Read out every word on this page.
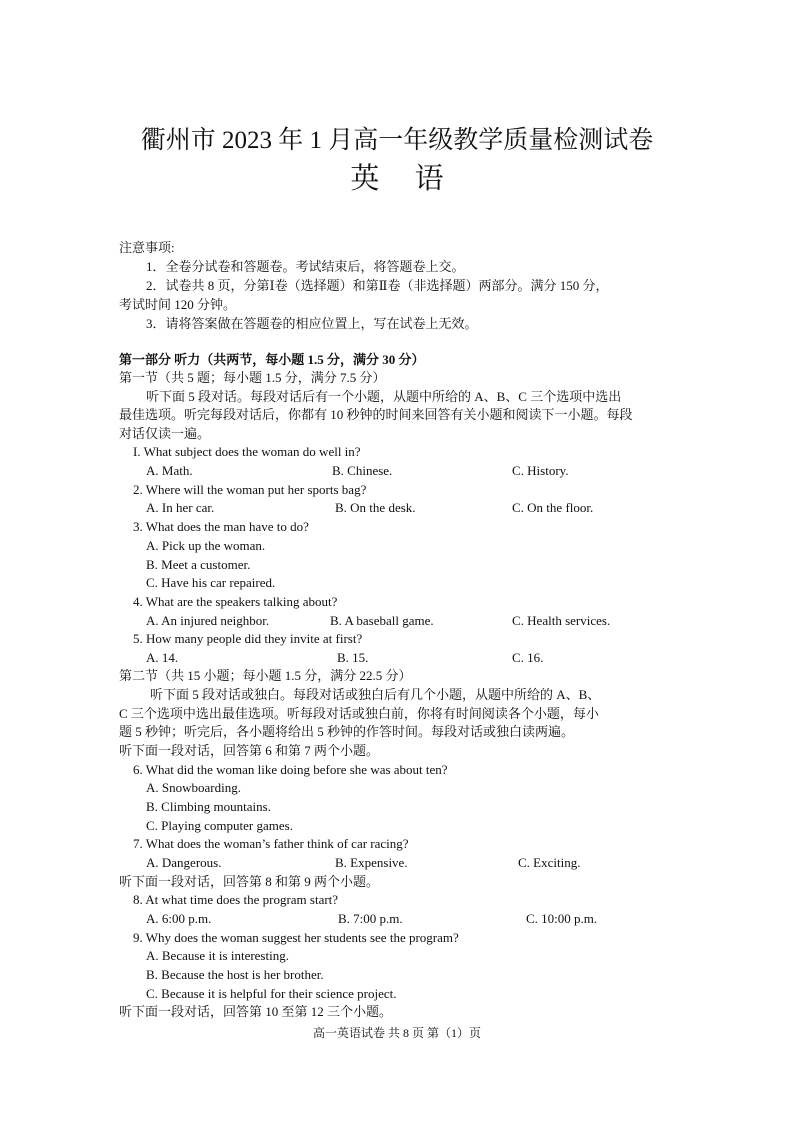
衢州市 2023 年 1 月高一年级教学质量检测试卷
英 语
注意事项:
1．全卷分试卷和答题卷。考试结束后，将答题卷上交。
2．试卷共 8 页，分第Ⅰ卷（选择题）和第Ⅱ卷（非选择题）两部分。满分 150 分，
考试时间 120 分钟。
3．请将答案做在答题卷的相应位置上，写在试卷上无效。
第一部分 听力（共两节，每小题 1.5 分，满分 30 分）
第一节（共 5 题；每小题 1.5 分，满分 7.5 分）
听下面 5 段对话。每段对话后有一个小题，从题中所给的 A、B、C 三个选项中选出
最佳选项。听完每段对话后，你都有 10 秒钟的时间来回答有关小题和阅读下一小题。每段
对话仅读一遍。
I. What subject does the woman do well in?
A. Math.	B. Chinese.	C. History.
2. Where will the woman put her sports bag?
A. In her car.	B. On the desk.	C. On the floor.
3. What does the man have to do?
A. Pick up the woman.
B. Meet a customer.
C. Have his car repaired.
4. What are the speakers talking about?
A. An injured neighbor.	B. A baseball game.	C. Health services.
5. How many people did they invite at first?
A. 14.	B. 15.	C. 16.
第二节（共 15 小题；每小题 1.5 分，满分 22.5 分）
听下面 5 段对话或独白。每段对话或独白后有几个小题，从题中所给的 A、B、
C 三个选项中选出最佳选项。听每段对话或独白前，你将有时间阅读各个小题，每小
题 5 秒钟；听完后，各小题将给出 5 秒钟的作答时间。每段对话或独白读两遍。
听下面一段对话，回答第 6 和第 7 两个小题。
6. What did the woman like doing before she was about ten?
A. Snowboarding.
B. Climbing mountains.
C. Playing computer games.
7. What does the woman’s father think of car racing?
A. Dangerous.	B. Expensive.	C. Exciting.
听下面一段对话，回答第 8 和第 9 两个小题。
8. At what time does the program start?
A. 6:00 p.m.	B. 7:00 p.m.	C. 10:00 p.m.
9. Why does the woman suggest her students see the program?
A. Because it is interesting.
B. Because the host is her brother.
C. Because it is helpful for their science project.
听下面一段对话，回答第 10 至第 12 三个小题。
高一英语试卷 共 8 页 第（1）页
